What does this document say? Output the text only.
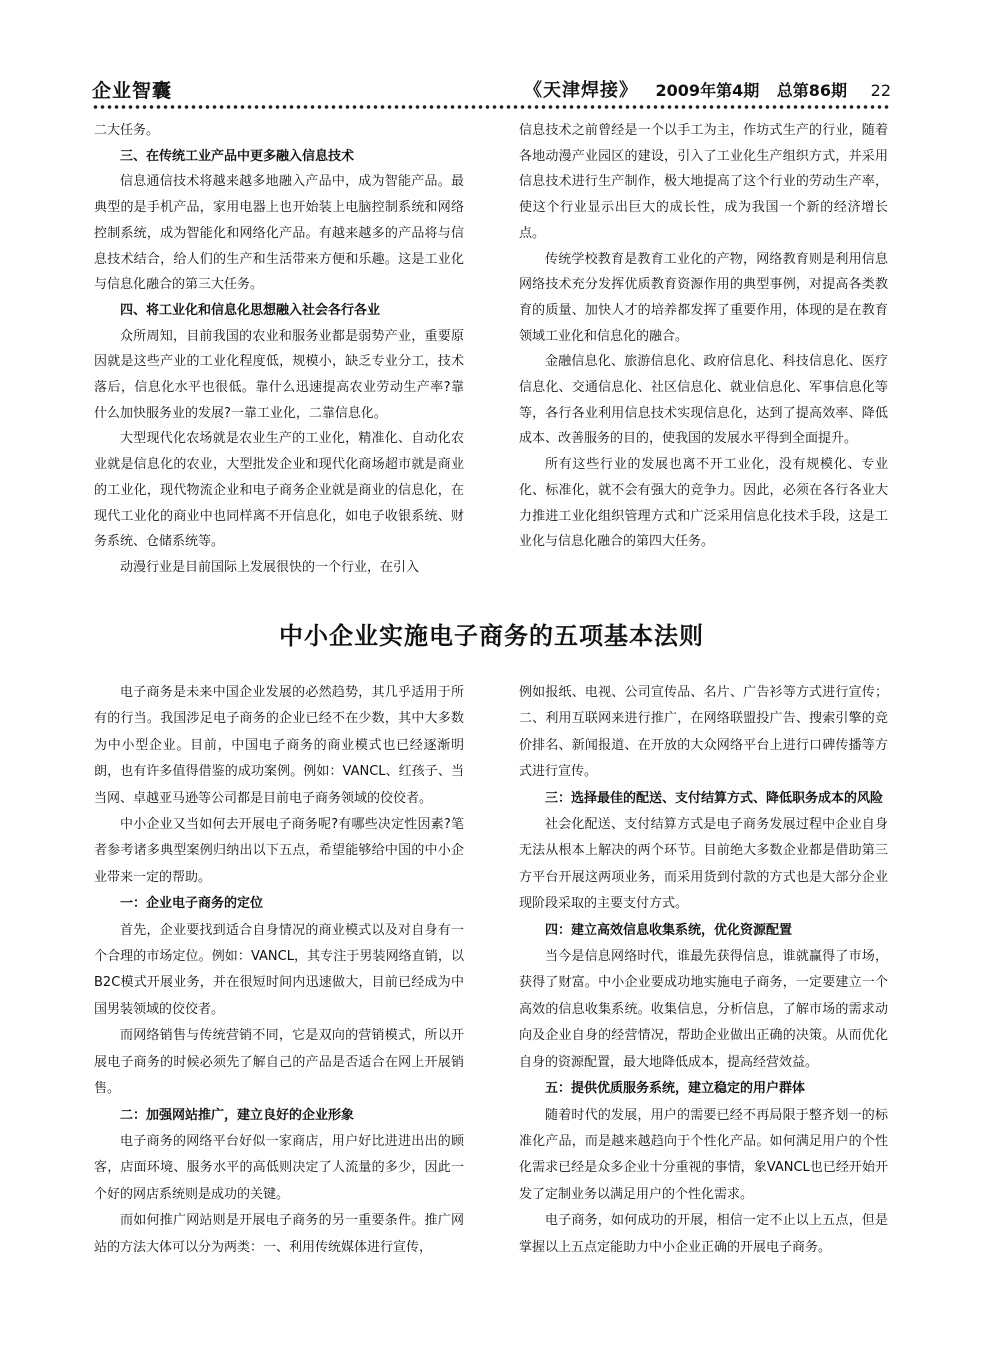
企业智囊	《天津焊接》 2009年第4期 总第86期 22

二大任务。

三、在传统工业产品中更多融入信息技术

信息通信技术将越来越多地融入产品中，成为智能产品。最典型的是手机产品，家用电器上也开始装上电脑控制系统和网络控制系统，成为智能化和网络化产品。有越来越多的产品将与信息技术结合，给人们的生产和生活带来方便和乐趣。这是工业化与信息化融合的第三大任务。

四、将工业化和信息化思想融入社会各行各业

众所周知，目前我国的农业和服务业都是弱势产业，重要原因就是这些产业的工业化程度低，规模小，缺乏专业分工，技术落后，信息化水平也很低。靠什么迅速提高农业劳动生产率?靠什么加快服务业的发展?一靠工业化，二靠信息化。

大型现代化农场就是农业生产的工业化，精准化、自动化农业就是信息化的农业，大型批发企业和现代化商场超市就是商业的工业化，现代物流企业和电子商务企业就是商业的信息化，在现代工业化的商业中也同样离不开信息化，如电子收银系统、财务系统、仓储系统等。

动漫行业是目前国际上发展很快的一个行业，在引入

信息技术之前曾经是一个以手工为主，作坊式生产的行业，随着各地动漫产业园区的建设，引入了工业化生产组织方式，并采用信息技术进行生产制作，极大地提高了这个行业的劳动生产率，使这个行业显示出巨大的成长性，成为我国一个新的经济增长点。

传统学校教育是教育工业化的产物，网络教育则是利用信息网络技术充分发挥优质教育资源作用的典型事例，对提高各类教育的质量、加快人才的培养都发挥了重要作用，体现的是在教育领域工业化和信息化的融合。

金融信息化、旅游信息化、政府信息化、科技信息化、医疗信息化、交通信息化、社区信息化、就业信息化、军事信息化等等，各行各业利用信息技术实现信息化，达到了提高效率、降低成本、改善服务的目的，使我国的发展水平得到全面提升。

所有这些行业的发展也离不开工业化，没有规模化、专业化、标准化，就不会有强大的竞争力。因此，必须在各行各业大力推进工业化组织管理方式和广泛采用信息化技术手段，这是工业化与信息化融合的第四大任务。

中小企业实施电子商务的五项基本法则

电子商务是未来中国企业发展的必然趋势，其几乎适用于所有的行当。我国涉足电子商务的企业已经不在少数，其中大多数为中小型企业。目前，中国电子商务的商业模式也已经逐渐明朗，也有许多值得借鉴的成功案例。例如：VANCL、红孩子、当当网、卓越亚马逊等公司都是目前电子商务领域的佼佼者。

中小企业又当如何去开展电子商务呢?有哪些决定性因素?笔者参考诸多典型案例归纳出以下五点，希望能够给中国的中小企业带来一定的帮助。

一：企业电子商务的定位

首先，企业要找到适合自身情况的商业模式以及对自身有一个合理的市场定位。例如：VANCL，其专注于男装网络直销，以B2C模式开展业务，并在很短时间内迅速做大，目前已经成为中国男装领域的佼佼者。

而网络销售与传统营销不同，它是双向的营销模式，所以开展电子商务的时候必须先了解自己的产品是否适合在网上开展销售。

二：加强网站推广，建立良好的企业形象

电子商务的网络平台好似一家商店，用户好比进进出出的顾客，店面环境、服务水平的高低则决定了人流量的多少，因此一个好的网店系统则是成功的关键。

而如何推广网站则是开展电子商务的另一重要条件。推广网站的方法大体可以分为两类：一、利用传统媒体进行宣传，

例如报纸、电视、公司宣传品、名片、广告衫等方式进行宣传；二、利用互联网来进行推广，在网络联盟投广告、搜索引擎的竞价排名、新闻报道、在开放的大众网络平台上进行口碑传播等方式进行宣传。

三：选择最佳的配送、支付结算方式、降低职务成本的风险

社会化配送、支付结算方式是电子商务发展过程中企业自身无法从根本上解决的两个环节。目前绝大多数企业都是借助第三方平台开展这两项业务，而采用货到付款的方式也是大部分企业现阶段采取的主要支付方式。

四：建立高效信息收集系统，优化资源配置

当今是信息网络时代，谁最先获得信息，谁就赢得了市场，获得了财富。中小企业要成功地实施电子商务，一定要建立一个高效的信息收集系统。收集信息，分析信息，了解市场的需求动向及企业自身的经营情况，帮助企业做出正确的决策。从而优化自身的资源配置，最大地降低成本，提高经营效益。

五：提供优质服务系统，建立稳定的用户群体

随着时代的发展，用户的需要已经不再局限于整齐划一的标准化产品，而是越来越趋向于个性化产品。如何满足用户的个性化需求已经是众多企业十分重视的事情，象VANCL也已经开始开发了定制业务以满足用户的个性化需求。

电子商务，如何成功的开展，相信一定不止以上五点，但是掌握以上五点定能助力中小企业正确的开展电子商务。
